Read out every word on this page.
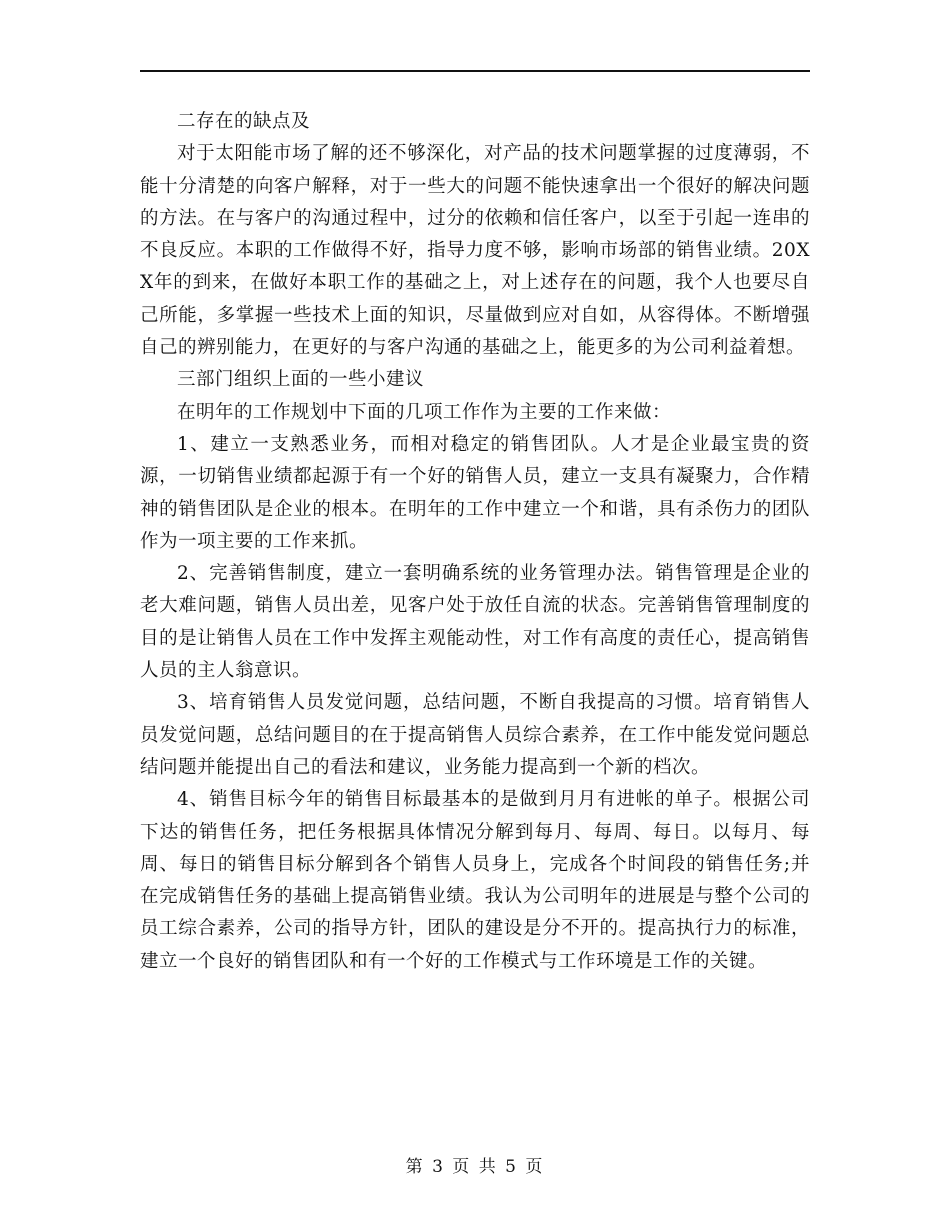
二存在的缺点及

对于太阳能市场了解的还不够深化，对产品的技术问题掌握的过度薄弱，不能十分清楚的向客户解释，对于一些大的问题不能快速拿出一个很好的解决问题的方法。在与客户的沟通过程中，过分的依赖和信任客户，以至于引起一连串的不良反应。本职的工作做得不好，指导力度不够，影响市场部的销售业绩。20XX年的到来，在做好本职工作的基础之上，对上述存在的问题，我个人也要尽自己所能，多掌握一些技术上面的知识，尽量做到应对自如，从容得体。不断增强自己的辨别能力，在更好的与客户沟通的基础之上，能更多的为公司利益着想。

三部门组织上面的一些小建议

在明年的工作规划中下面的几项工作作为主要的工作来做：

1、建立一支熟悉业务，而相对稳定的销售团队。人才是企业最宝贵的资源，一切销售业绩都起源于有一个好的销售人员，建立一支具有凝聚力，合作精神的销售团队是企业的根本。在明年的工作中建立一个和谐，具有杀伤力的团队作为一项主要的工作来抓。

2、完善销售制度，建立一套明确系统的业务管理办法。销售管理是企业的老大难问题，销售人员出差，见客户处于放任自流的状态。完善销售管理制度的目的是让销售人员在工作中发挥主观能动性，对工作有高度的责任心，提高销售人员的主人翁意识。

3、培育销售人员发觉问题，总结问题，不断自我提高的习惯。培育销售人员发觉问题，总结问题目的在于提高销售人员综合素养，在工作中能发觉问题总结问题并能提出自己的看法和建议，业务能力提高到一个新的档次。

4、销售目标今年的销售目标最基本的是做到月月有进帐的单子。根据公司下达的销售任务，把任务根据具体情况分解到每月、每周、每日。以每月、每周、每日的销售目标分解到各个销售人员身上，完成各个时间段的销售任务;并在完成销售任务的基础上提高销售业绩。我认为公司明年的进展是与整个公司的员工综合素养，公司的指导方针，团队的建设是分不开的。提高执行力的标准，建立一个良好的销售团队和有一个好的工作模式与工作环境是工作的关键。

第 3 页 共 5 页
